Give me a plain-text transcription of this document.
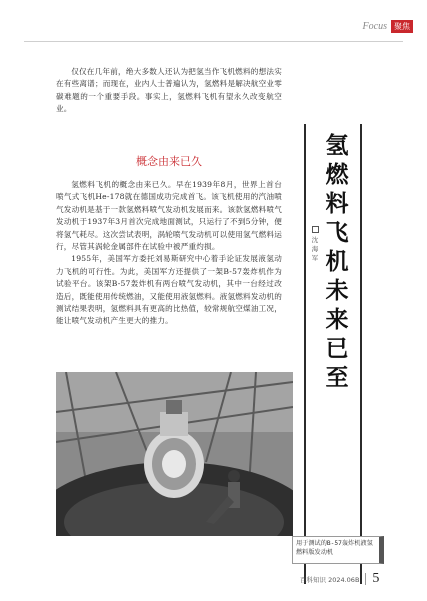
Focus 聚焦

仅仅在几年前，绝大多数人还认为把氢当作飞机燃料的想法实在有些离谱；而现在，业内人士普遍认为，氢燃料是解决航空业零碳难题的一个重要手段。事实上，氢燃料飞机有望永久改变航空业。

概念由来已久

氢燃料飞机的概念由来已久。早在1939年8月，世界上首台喷气式飞机He-178就在德国成功完成首飞。该飞机使用的汽油喷气发动机是基于一款氢燃料喷气发动机发展而来。该款氢燃料喷气发动机于1937年3月首次完成地面测试，只运行了不到5分钟，便将氢气耗尽。这次尝试表明，涡轮喷气发动机可以使用氢气燃料运行，尽管其涡轮金属部件在试验中被严重灼损。

1955年，美国军方委托刘易斯研究中心着手论证发展液氢动力飞机的可行性。为此，美国军方还提供了一架B-57轰炸机作为试验平台。该架B-57轰炸机有两台喷气发动机，其中一台经过改造后，既能使用传统燃油，又能使用液氢燃料。液氢燃料发动机的测试结果表明，氢燃料具有更高的比热值，较常规航空煤油工况，能让喷气发动机产生更大的推力。

氢
燃
料
飞
机
未
来
已
至
沈
海
军
用于测试的B-57轰炸机液氢燃料版发动机
百科知识 2024.06B 5
